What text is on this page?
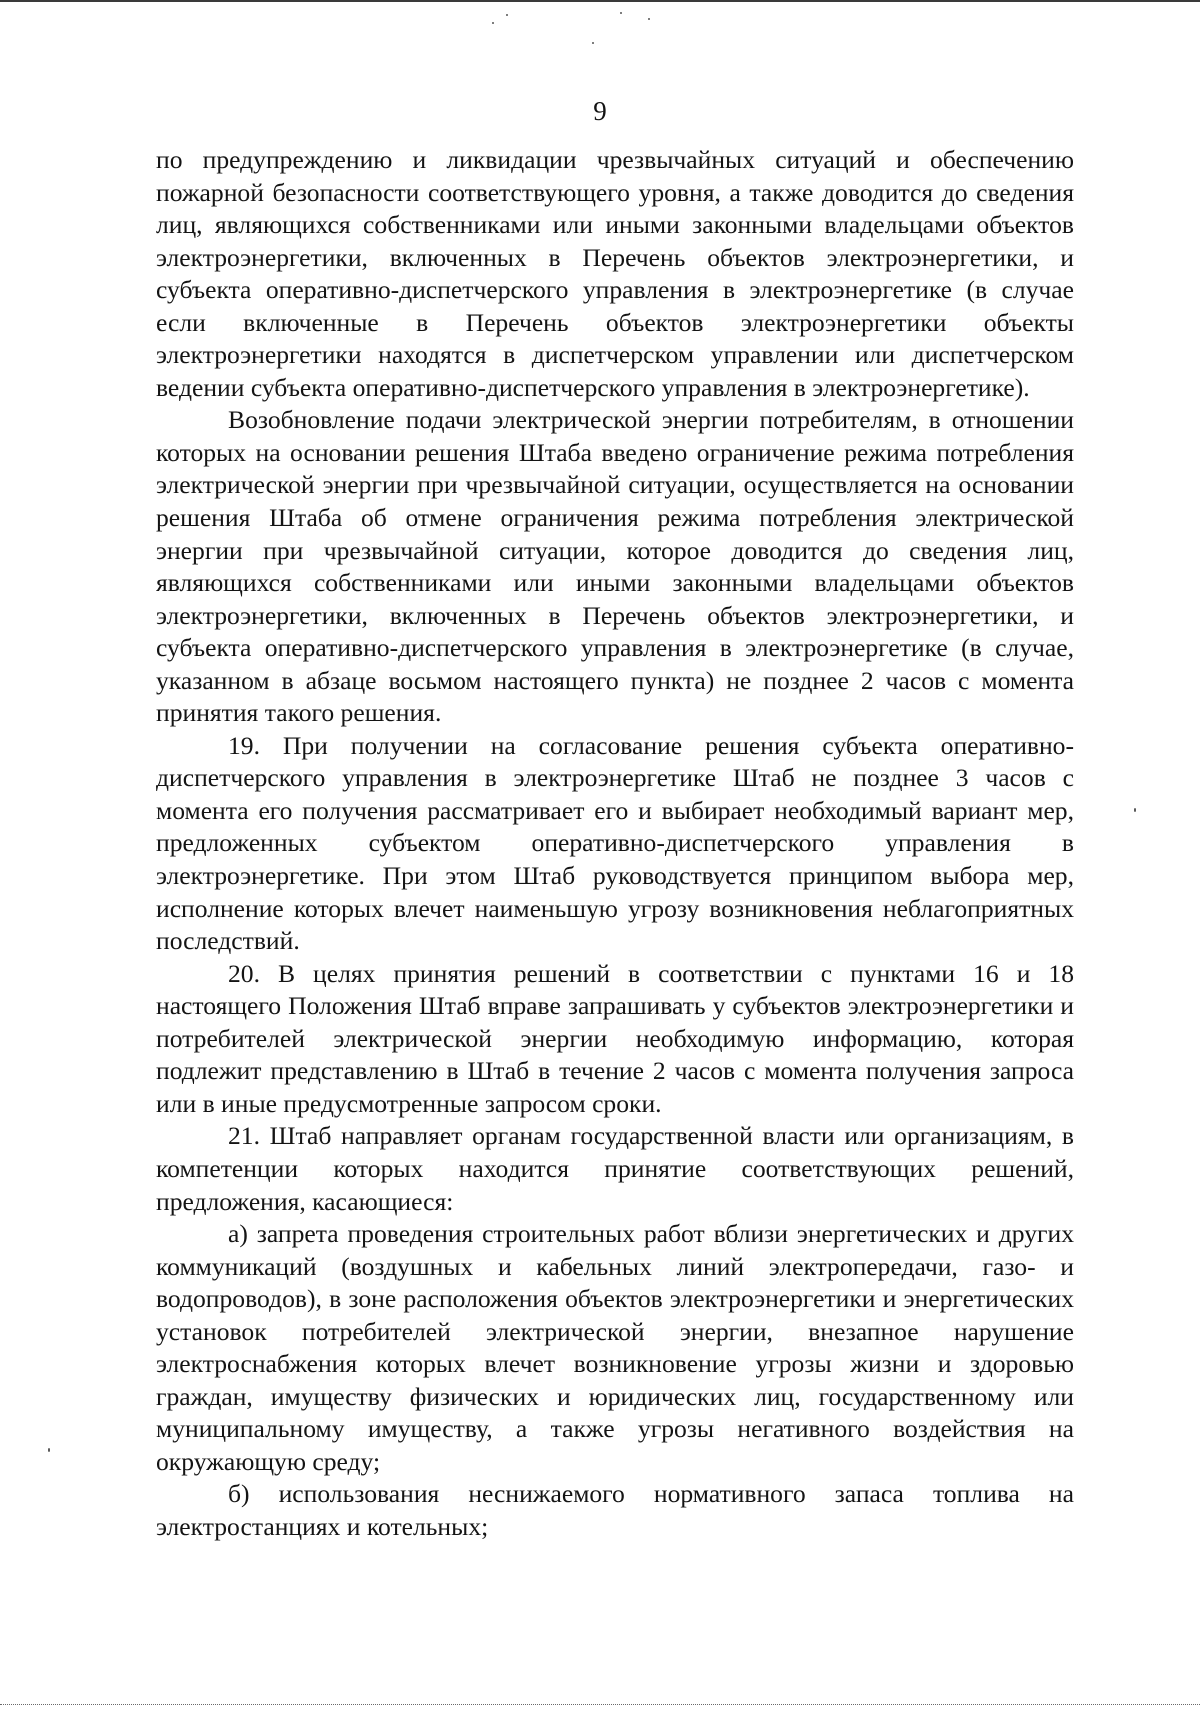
9

по предупреждению и ликвидации чрезвычайных ситуаций и обеспечению пожарной безопасности соответствующего уровня, а также доводится до сведения лиц, являющихся собственниками или иными законными владельцами объектов электроэнергетики, включенных в Перечень объектов электроэнергетики, и субъекта оперативно-диспетчерского управления в электроэнергетике (в случае если включенные в Перечень объектов электроэнергетики объекты электроэнергетики находятся в диспетчерском управлении или диспетчерском ведении субъекта оперативно-диспетчерского управления в электроэнергетике).

Возобновление подачи электрической энергии потребителям, в отношении которых на основании решения Штаба введено ограничение режима потребления электрической энергии при чрезвычайной ситуации, осуществляется на основании решения Штаба об отмене ограничения режима потребления электрической энергии при чрезвычайной ситуации, которое доводится до сведения лиц, являющихся собственниками или иными законными владельцами объектов электроэнергетики, включенных в Перечень объектов электроэнергетики, и субъекта оперативно-диспетчерского управления в электроэнергетике (в случае, указанном в абзаце восьмом настоящего пункта) не позднее 2 часов с момента принятия такого решения.

19. При получении на согласование решения субъекта оперативно-диспетчерского управления в электроэнергетике Штаб не позднее 3 часов с момента его получения рассматривает его и выбирает необходимый вариант мер, предложенных субъектом оперативно-диспетчерского управления в электроэнергетике. При этом Штаб руководствуется принципом выбора мер, исполнение которых влечет наименьшую угрозу возникновения неблагоприятных последствий.

20. В целях принятия решений в соответствии с пунктами 16 и 18 настоящего Положения Штаб вправе запрашивать у субъектов электроэнергетики и потребителей электрической энергии необходимую информацию, которая подлежит представлению в Штаб в течение 2 часов с момента получения запроса или в иные предусмотренные запросом сроки.

21. Штаб направляет органам государственной власти или организациям, в компетенции которых находится принятие соответствующих решений, предложения, касающиеся:

а) запрета проведения строительных работ вблизи энергетических и других коммуникаций (воздушных и кабельных линий электропередачи, газо- и водопроводов), в зоне расположения объектов электроэнергетики и энергетических установок потребителей электрической энергии, внезапное нарушение электроснабжения которых влечет возникновение угрозы жизни и здоровью граждан, имуществу физических и юридических лиц, государственному или муниципальному имуществу, а также угрозы негативного воздействия на окружающую среду;

б) использования неснижаемого нормативного запаса топлива на электростанциях и котельных;
